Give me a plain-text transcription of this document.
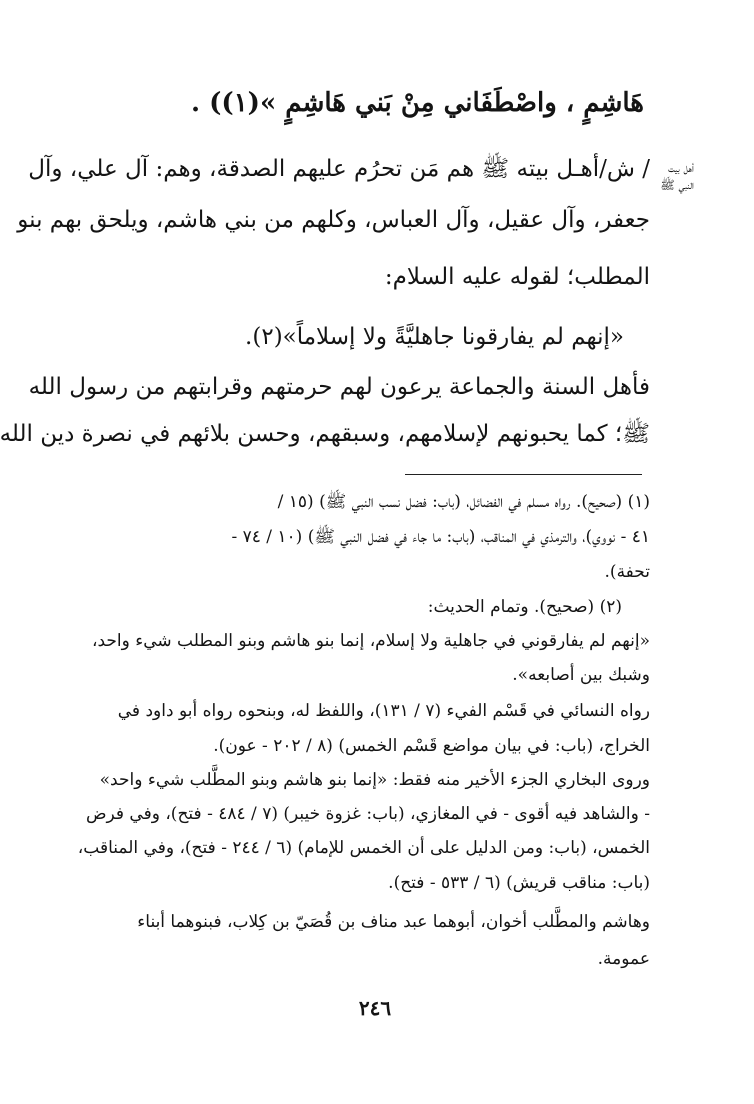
هَاشِمٍ ، واصْطَفَاني مِنْ بَني هَاشِمٍ »(١)) .
أهل بيت النبي ﷺ
/ ش/أهـل بيته ﷺ هم مَن تحرُم عليهم الصدقة، وهم: آل علي، وآل
جعفر، وآل عقيل، وآل العباس، وكلهم من بني هاشم، ويلحق بهم بنو
المطلب؛ لقوله عليه السلام:
«إنهم لم يفارقونا جاهليَّةً ولا إسلاماً»(٢).
فأهل السنة والجماعة يرعون لهم حرمتهم وقرابتهم من رسول الله
ﷺ؛ كما يحبونهم لإسلامهم، وسبقهم، وحسن بلائهم في نصرة دين الله
(١) (صحيح). رواه مسلم في الفضائل، (باب: فضل نسب النبي ﷺ) (١٥ /
٤١ - نووي)، والترمذي في المناقب، (باب: ما جاء في فضل النبي ﷺ) (١٠ / ٧٤ -
تحفة).
(٢) (صحيح). وتمام الحديث:
«إنهم لم يفارقوني في جاهلية ولا إسلام، إنما بنو هاشم وبنو المطلب شيء واحد،
وشبك بين أصابعه».
رواه النسائي في قَسْم الفيء (٧ / ١٣١)، واللفظ له، وبنحوه رواه أبو داود في
الخراج، (باب: في بيان مواضع قَسْم الخمس) (٨ / ٢٠٢ - عون).
وروى البخاري الجزء الأخير منه فقط: «إنما بنو هاشم وبنو المطَّلب شيء واحد»
- والشاهد فيه أقوى - في المغازي، (باب: غزوة خيبر) (٧ / ٤٨٤ - فتح)، وفي فرض
الخمس، (باب: ومن الدليل على أن الخمس للإمام) (٦ / ٢٤٤ - فتح)، وفي المناقب،
(باب: مناقب قريش) (٦ / ٥٣٣ - فتح).
وهاشم والمطَّلب أخوان، أبوهما عبد مناف بن قُصَيّ بن كِلاب، فبنوهما أبناء
عمومة.
٢٤٦
